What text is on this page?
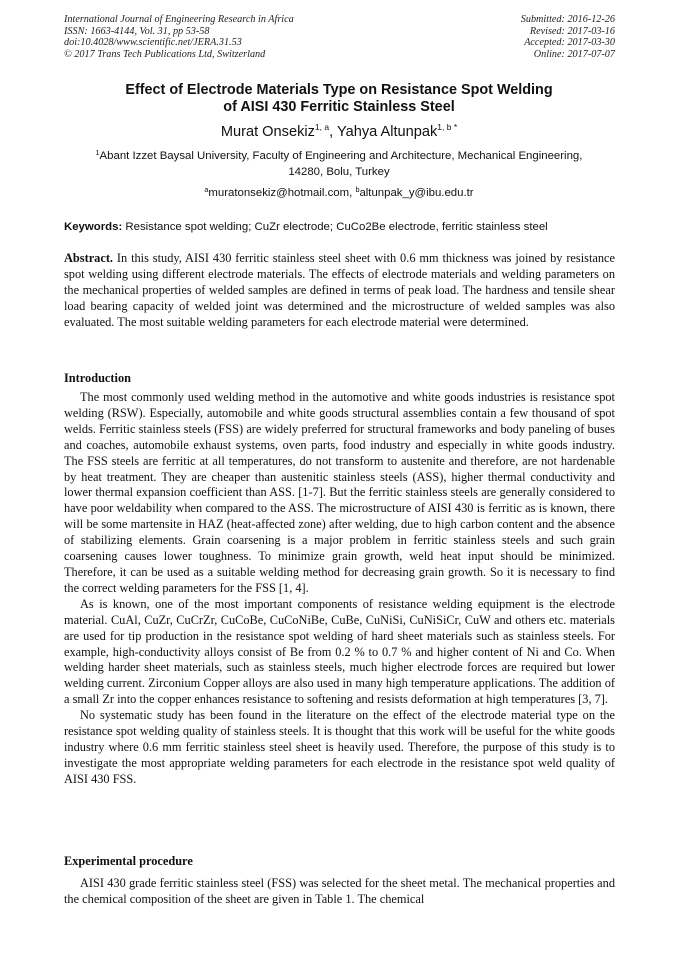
International Journal of Engineering Research in Africa
ISSN: 1663-4144, Vol. 31, pp 53-58
doi:10.4028/www.scientific.net/JERA.31.53
© 2017 Trans Tech Publications Ltd, Switzerland
Submitted: 2016-12-26
Revised: 2017-03-16
Accepted: 2017-03-30
Online: 2017-07-07
Effect of Electrode Materials Type on Resistance Spot Welding
of AISI 430 Ferritic Stainless Steel
Murat Onsekiz$^{1, a}$, Yahya Altunpak$^{1, b *}$
$^1$Abant Izzet Baysal University, Faculty of Engineering and Architecture, Mechanical Engineering,
14280, Bolu, Turkey
$^a$muratonsekiz@hotmail.com, $^b$altunpak_y@ibu.edu.tr
Keywords: Resistance spot welding; CuZr electrode; CuCo2Be electrode, ferritic stainless steel

Abstract. In this study, AISI 430 ferritic stainless steel sheet with 0.6 mm thickness was joined by resistance spot welding using different electrode materials. The effects of electrode materials and welding parameters on the mechanical properties of welded samples are defined in terms of peak load. The hardness and tensile shear load bearing capacity of welded joint was determined and the microstructure of welded samples was also evaluated. The most suitable welding parameters for each electrode material were determined.

Introduction

The most commonly used welding method in the automotive and white goods industries is resistance spot welding (RSW). Especially, automobile and white goods structural assemblies contain a few thousand of spot welds. Ferritic stainless steels (FSS) are widely preferred for structural frameworks and body paneling of buses and coaches, automobile exhaust systems, oven parts, food industry and especially in white goods industry. The FSS steels are ferritic at all temperatures, do not transform to austenite and therefore, are not hardenable by heat treatment. They are cheaper than austenitic stainless steels (ASS), higher thermal conductivity and lower thermal expansion coefficient than ASS. [1-7]. But the ferritic stainless steels are generally considered to have poor weldability when compared to the ASS. The microstructure of AISI 430 is ferritic as is known, there will be some martensite in HAZ (heat-affected zone) after welding, due to high carbon content and the absence of stabilizing elements. Grain coarsening is a major problem in ferritic stainless steels and such grain coarsening causes lower toughness. To minimize grain growth, weld heat input should be minimized. Therefore, it can be used as a suitable welding method for decreasing grain growth. So it is necessary to find the correct welding parameters for the FSS [1, 4].

As is known, one of the most important components of resistance welding equipment is the electrode material. CuAl, CuZr, CuCrZr, CuCoBe, CuCoNiBe, CuBe, CuNiSi, CuNiSiCr, CuW and others etc. materials are used for tip production in the resistance spot welding of hard sheet materials such as stainless steels. For example, high-conductivity alloys consist of Be from 0.2 % to 0.7 % and higher content of Ni and Co. When welding harder sheet materials, such as stainless steels, much higher electrode forces are required but lower welding current. Zirconium Copper alloys are also used in many high temperature applications. The addition of a small Zr into the copper enhances resistance to softening and resists deformation at high temperatures [3, 7].

No systematic study has been found in the literature on the effect of the electrode material type on the resistance spot welding quality of stainless steels. It is thought that this work will be useful for the white goods industry where 0.6 mm ferritic stainless steel sheet is heavily used. Therefore, the purpose of this study is to investigate the most appropriate welding parameters for each electrode in the resistance spot weld quality of AISI 430 FSS.

Experimental procedure

AISI 430 grade ferritic stainless steel (FSS) was selected for the sheet metal. The mechanical properties and the chemical composition of the sheet are given in Table 1. The chemical
